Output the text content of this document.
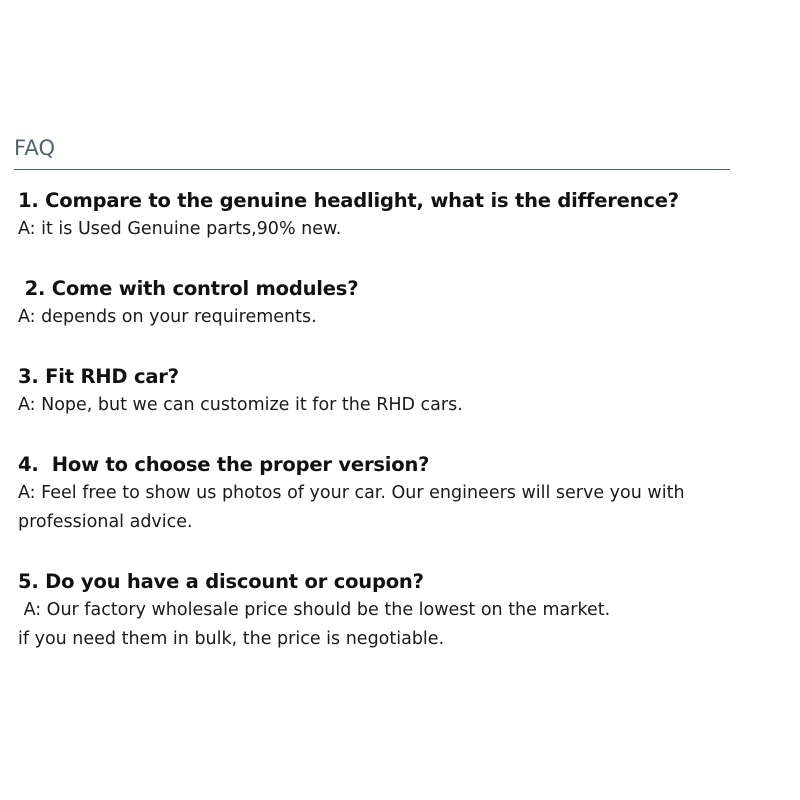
FAQ
1. Compare to the genuine headlight, what is the difference?
A: it is Used Genuine parts,90% new.
2. Come with control modules?
A: depends on your requirements.
3. Fit RHD car?
A: Nope, but we can customize it for the RHD cars.
4.  How to choose the proper version?
A: Feel free to show us photos of your car. Our engineers will serve you with
professional advice.
5. Do you have a discount or coupon?
A: Our factory wholesale price should be the lowest on the market.
if you need them in bulk, the price is negotiable.
